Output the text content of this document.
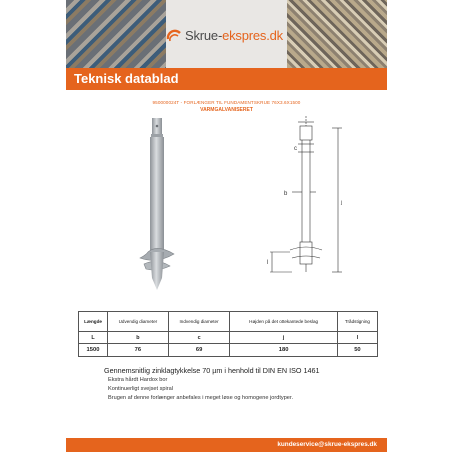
Skrue-ekspres.dk
Teknisk datablad
950000024T - FORLÆNGER TIL FUNDAMENTSKRUE 76X3.6X1500
VARMGALVANISERET
c
b
j
l
Længde	Udvendig diameter	Indvendig diameter	Højden på det ottekantede beslag	Trådstigning
L	b	c	j	l
1500	76	69	180	50
Gennemsnitlig zinklagtykkelse 70 µm i henhold til DIN EN ISO 1461
Ekstra hårdt Hardox bor
Kontinuerligt svejset spiral
Brugen af denne forlænger anbefales i meget løse og homogene jordtyper.
kundeservice@skrue-ekspres.dk
